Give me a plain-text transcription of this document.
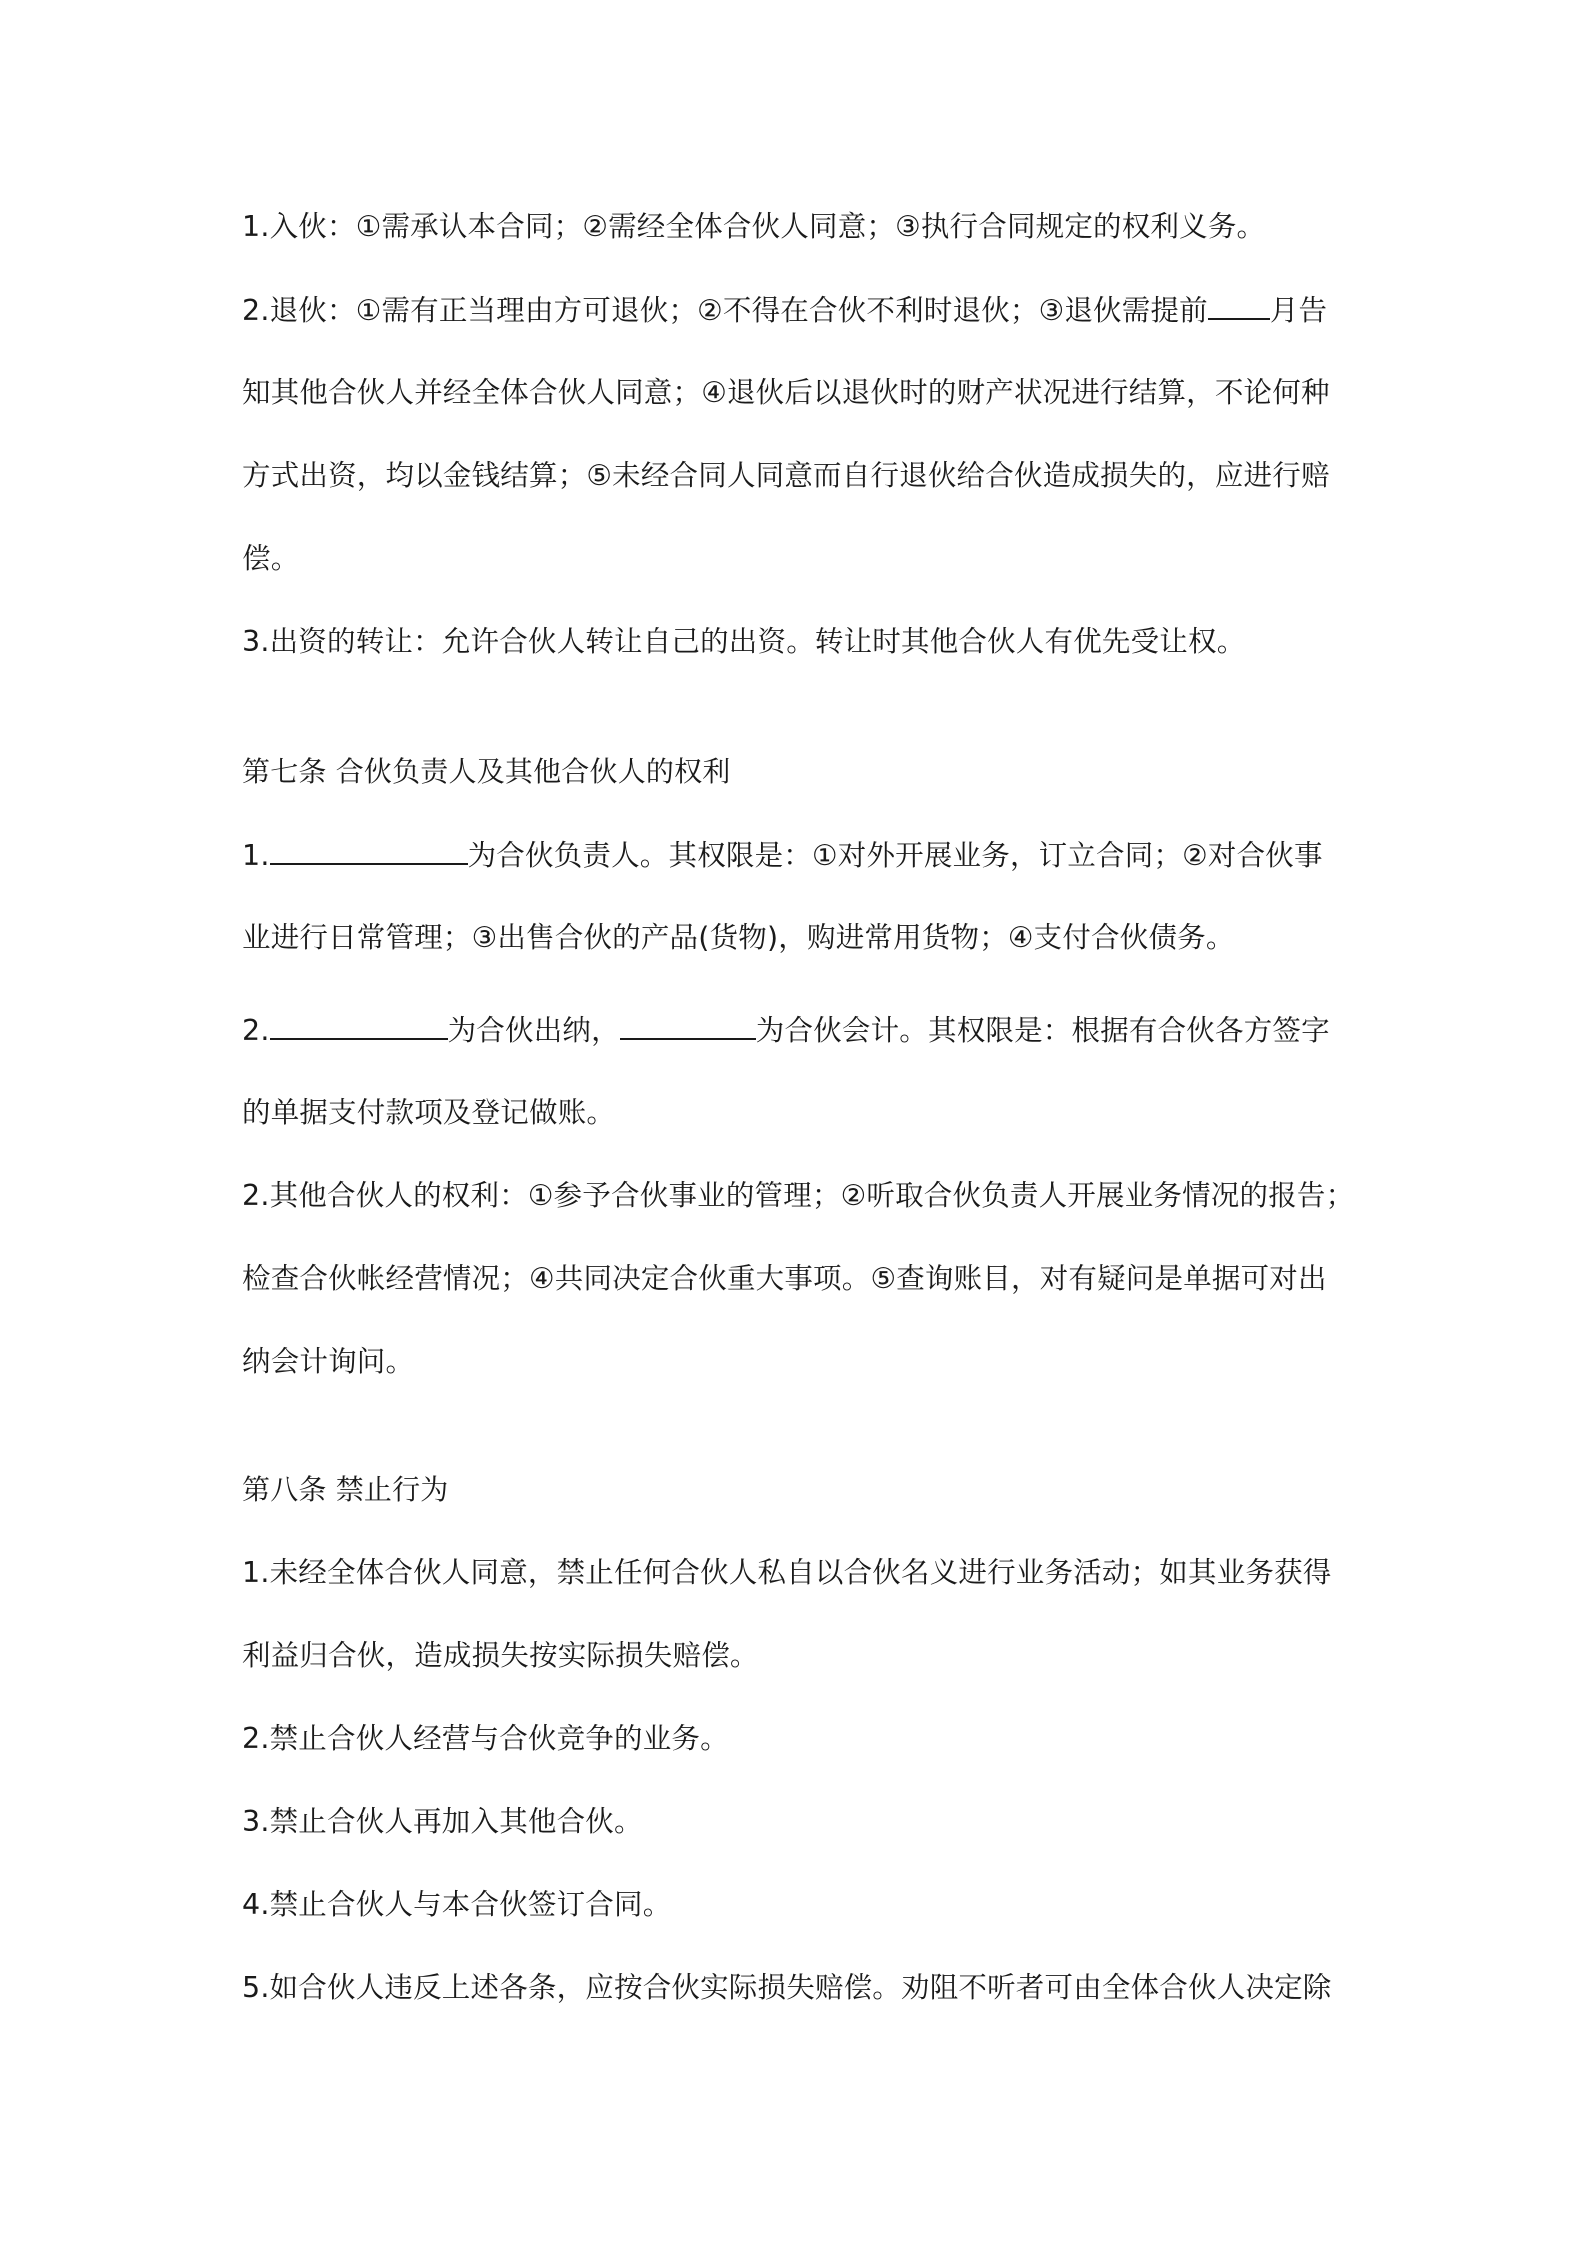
1.入伙：①需承认本合同；②需经全体合伙人同意；③执行合同规定的权利义务。

2.退伙：①需有正当理由方可退伙；②不得在合伙不利时退伙；③退伙需提前 月告

知其他合伙人并经全体合伙人同意；④退伙后以退伙时的财产状况进行结算，不论何种

方式出资，均以金钱结算；⑤未经合同人同意而自行退伙给合伙造成损失的，应进行赔

偿。

3.出资的转让：允许合伙人转让自己的出资。转让时其他合伙人有优先受让权。

第七条 合伙负责人及其他合伙人的权利

1.	为合伙负责人。其权限是：①对外开展业务，订立合同；②对合伙事

业进行日常管理；③出售合伙的产品(货物)，购进常用货物；④支付合伙债务。

2.	为合伙出纳，	为合伙会计。其权限是：根据有合伙各方签字

的单据支付款项及登记做账。

2.其他合伙人的权利：①参予合伙事业的管理；②听取合伙负责人开展业务情况的报告；

检查合伙帐经营情况；④共同决定合伙重大事项。⑤查询账目，对有疑问是单据可对出

纳会计询问。

第八条 禁止行为

1.未经全体合伙人同意，禁止任何合伙人私自以合伙名义进行业务活动；如其业务获得

利益归合伙，造成损失按实际损失赔偿。

2.禁止合伙人经营与合伙竞争的业务。

3.禁止合伙人再加入其他合伙。

4.禁止合伙人与本合伙签订合同。

5.如合伙人违反上述各条，应按合伙实际损失赔偿。劝阻不听者可由全体合伙人决定除
